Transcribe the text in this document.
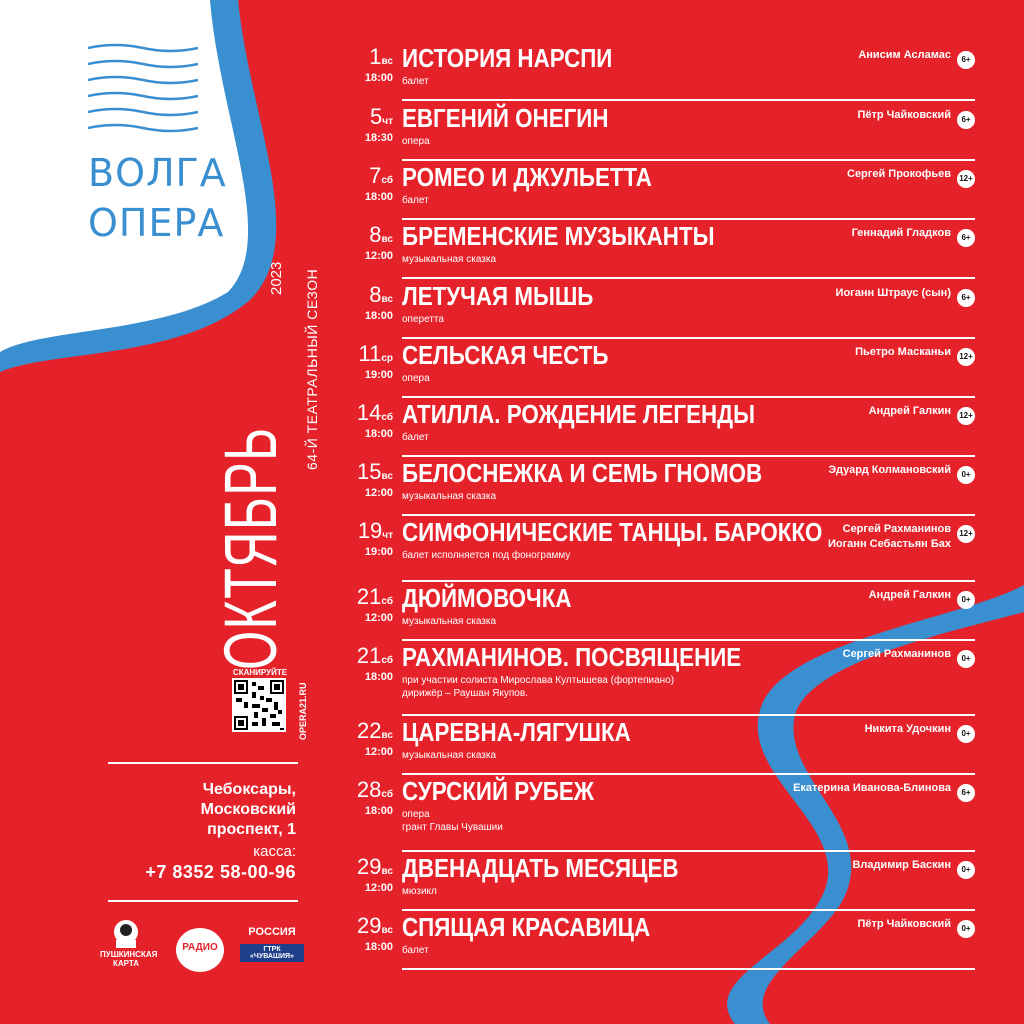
ВОЛГА
ОПЕРА
ОКТЯБРЬ
2023 64-Й ТЕАТРАЛЬНЫЙ СЕЗОН
СКАНИРУЙТЕ
OPERA21.RU
Чебоксары,
Московский
проспект, 1
касса:
+7 8352 58-00-96
ПУШКИНСКАЯ КАРТА
РАДИО
РОССИЯ
ГТРК «ЧУВАШИЯ»
1вс
18:00
ИСТОРИЯ НАРСПИ
балет
Анисим Асламас	6+
5чт
18:30
ЕВГЕНИЙ ОНЕГИН
опера
Пётр Чайковский	6+
7сб
18:00
РОМЕО И ДЖУЛЬЕТТА
балет
Сергей Прокофьев 12+
8вс
12:00
БРЕМЕНСКИЕ МУЗЫКАНТЫ
музыкальная сказка
Геннадий Гладков	6+
8вс
18:00
ЛЕТУЧАЯ МЫШЬ
оперетта
Иоганн Штраус (сын)	6+
11ср
19:00
СЕЛЬСКАЯ ЧЕСТЬ
опера
Пьетро Масканьи 12+
14сб
18:00
АТИЛЛА. РОЖДЕНИЕ ЛЕГЕНДЫ
балет
Андрей Галкин 12+
15вс
12:00
БЕЛОСНЕЖКА И СЕМЬ ГНОМОВ
музыкальная сказка
Эдуард Колмановский	0+
19чт
19:00
СИМФОНИЧЕСКИЕ ТАНЦЫ. БАРОККО
балет исполняется под фонограмму
Сергей Рахманинов
Иоганн Себастьян Бах
12+
21сб
12:00
ДЮЙМОВОЧКА
музыкальная сказка
Андрей Галкин	0+
21сб
18:00
РАХМАНИНОВ. ПОСВЯЩЕНИЕ
при участии солиста Мирослава Култышева (фортепиано)
дирижёр – Раушан Якупов.
Сергей Рахманинов	0+
22вс
12:00
ЦАРЕВНА-ЛЯГУШКА
музыкальная сказка
Никита Удочкин	0+
28сб
18:00
СУРСКИЙ РУБЕЖ
опера
грант Главы Чувашии
Екатерина Иванова-Блинова	6+
29вс
12:00
ДВЕНАДЦАТЬ МЕСЯЦЕВ
мюзикл
Владимир Баскин	0+
29вс
18:00
СПЯЩАЯ КРАСАВИЦА
балет
Пётр Чайковский	0+
